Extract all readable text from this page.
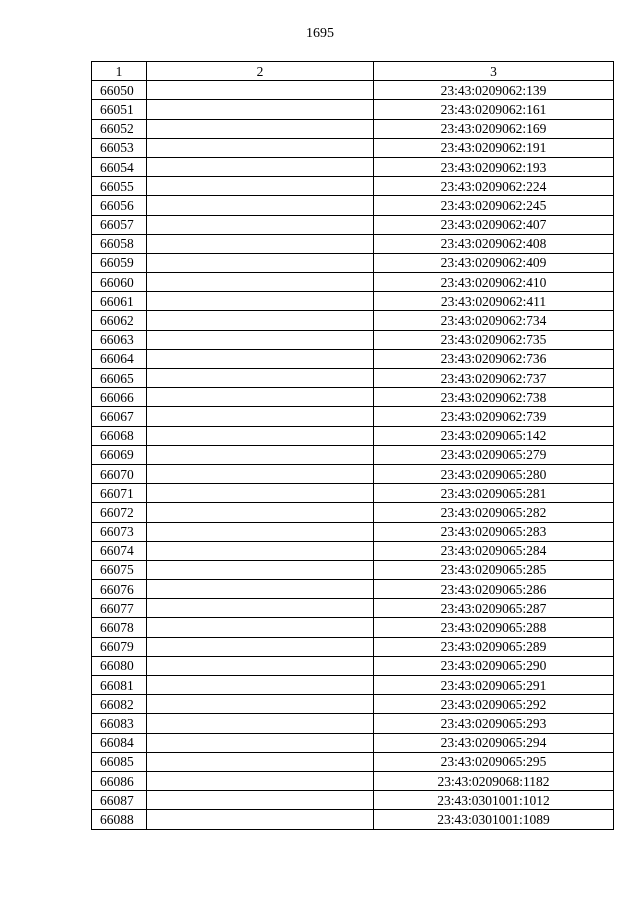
1695
1	2	3
66050		23:43:0209062:139
66051		23:43:0209062:161
66052		23:43:0209062:169
66053		23:43:0209062:191
66054		23:43:0209062:193
66055		23:43:0209062:224
66056		23:43:0209062:245
66057		23:43:0209062:407
66058		23:43:0209062:408
66059		23:43:0209062:409
66060		23:43:0209062:410
66061		23:43:0209062:411
66062		23:43:0209062:734
66063		23:43:0209062:735
66064		23:43:0209062:736
66065		23:43:0209062:737
66066		23:43:0209062:738
66067		23:43:0209062:739
66068		23:43:0209065:142
66069		23:43:0209065:279
66070		23:43:0209065:280
66071		23:43:0209065:281
66072		23:43:0209065:282
66073		23:43:0209065:283
66074		23:43:0209065:284
66075		23:43:0209065:285
66076		23:43:0209065:286
66077		23:43:0209065:287
66078		23:43:0209065:288
66079		23:43:0209065:289
66080		23:43:0209065:290
66081		23:43:0209065:291
66082		23:43:0209065:292
66083		23:43:0209065:293
66084		23:43:0209065:294
66085		23:43:0209065:295
66086		23:43:0209068:1182
66087		23:43:0301001:1012
66088		23:43:0301001:1089
